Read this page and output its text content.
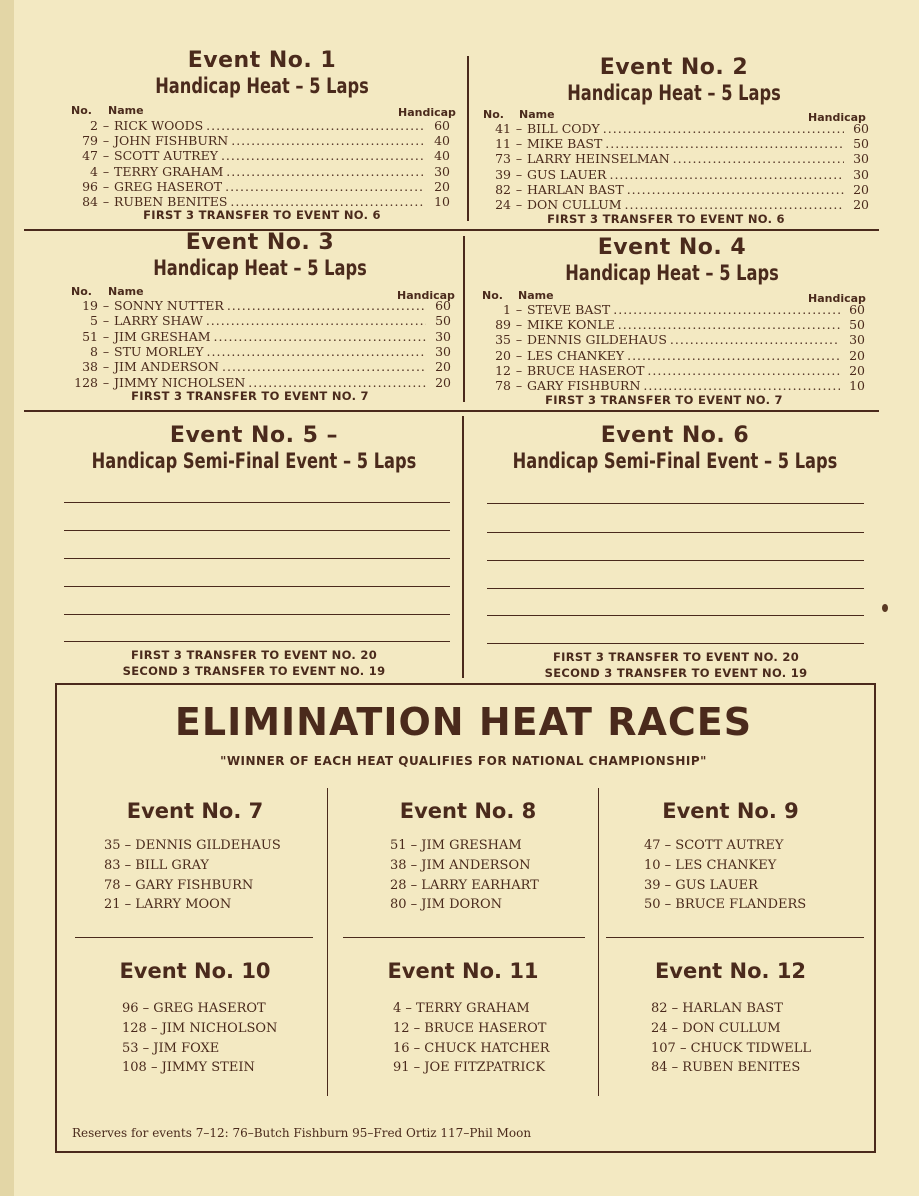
Event No. 1
Handicap Heat – 5 Laps
No. Name	Handicap
2 – RICK WOODS .....	60
79 – JOHN FISHBURN .....	40
47 – SCOTT AUTREY .....	40
4 – TERRY GRAHAM .....	30
96 – GREG HASEROT .....	20
84 – RUBEN BENITES .....	10
FIRST 3 TRANSFER TO EVENT NO. 6
Event No. 2
Handicap Heat – 5 Laps
No. Name	Handicap
41 – BILL CODY .....	60
11 – MIKE BAST .....	50
73 – LARRY HEINSELMAN .....	30
39 – GUS LAUER .....	30
82 – HARLAN BAST .....	20
24 – DON CULLUM .....	20
FIRST 3 TRANSFER TO EVENT NO. 6
Event No. 3
Handicap Heat – 5 Laps
No. Name	Handicap
19 – SONNY NUTTER .....	60
5 – LARRY SHAW .....	50
51 – JIM GRESHAM .....	30
8 – STU MORLEY .....	30
38 – JIM ANDERSON .....	20
128 – JIMMY NICHOLSEN .....	20
FIRST 3 TRANSFER TO EVENT NO. 7
Event No. 4
Handicap Heat – 5 Laps
No. Name	Handicap
1 – STEVE BAST .....	60
89 – MIKE KONLE .....	50
35 – DENNIS GILDEHAUS .....	30
20 – LES CHANKEY .....	20
12 – BRUCE HASEROT .....	20
78 – GARY FISHBURN .....	10
FIRST 3 TRANSFER TO EVENT NO. 7
Event No. 5 –
Handicap Semi-Final Event – 5 Laps
FIRST 3 TRANSFER TO EVENT NO. 20
SECOND 3 TRANSFER TO EVENT NO. 19
Event No. 6
Handicap Semi-Final Event – 5 Laps
FIRST 3 TRANSFER TO EVENT NO. 20
SECOND 3 TRANSFER TO EVENT NO. 19
ELIMINATION HEAT RACES
"WINNER OF EACH HEAT QUALIFIES FOR NATIONAL CHAMPIONSHIP"
Event No. 7
35 – DENNIS GILDEHAUS
83 – BILL GRAY
78 – GARY FISHBURN
21 – LARRY MOON
Event No. 8
51 – JIM GRESHAM
38 – JIM ANDERSON
28 – LARRY EARHART
80 – JIM DORON
Event No. 9
47 – SCOTT AUTREY
10 – LES CHANKEY
39 – GUS LAUER
50 – BRUCE FLANDERS
Event No. 10
96 – GREG HASEROT
128 – JIM NICHOLSON
53 – JIM FOXE
108 – JIMMY STEIN
Event No. 11
4 – TERRY GRAHAM
12 – BRUCE HASEROT
16 – CHUCK HATCHER
91 – JOE FITZPATRICK
Event No. 12
82 – HARLAN BAST
24 – DON CULLUM
107 – CHUCK TIDWELL
84 – RUBEN BENITES
Reserves for events 7–12: 76–Butch Fishburn 95–Fred Ortiz 117–Phil Moon
